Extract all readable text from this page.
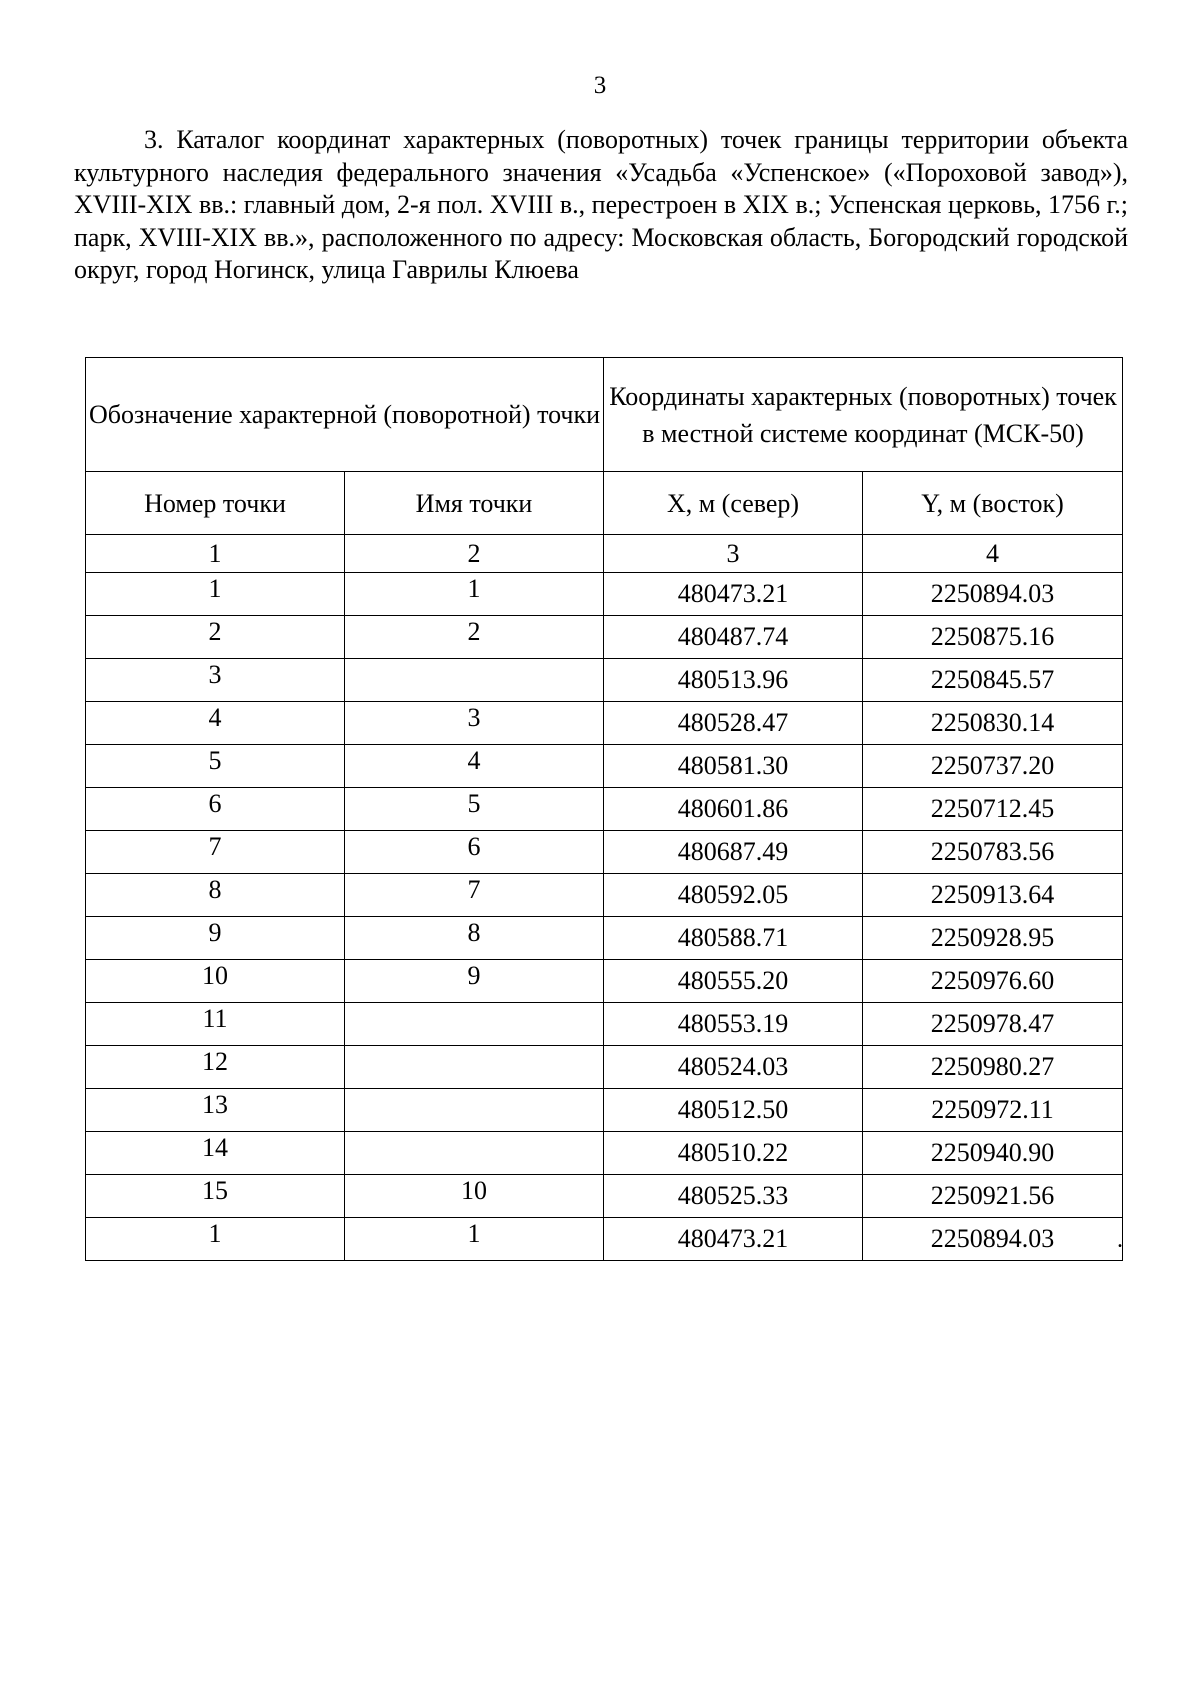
3

3. Каталог координат характерных (поворотных) точек границы территории объекта культурного наследия федерального значения «Усадьба «Успенское» («Пороховой завод»), XVIII-XIX вв.: главный дом, 2-я пол. XVIII в., перестроен в XIX в.; Успенская церковь, 1756 г.; парк, XVIII-XIX вв.», расположенного по адресу: Московская область, Богородский городской округ, город Ногинск, улица Гаврилы Клюева

Обозначение характерной (поворотной) точки		Координаты характерных (поворотных) точек в местной системе координат (МСК-50)	
Номер точки	Имя точки	X, м (север)	Y, м (восток)
1	2	3	4
1	1	480473.21	2250894.03
2	2	480487.74	2250875.16
3		480513.96	2250845.57
4	3	480528.47	2250830.14
5	4	480581.30	2250737.20
6	5	480601.86	2250712.45
7	6	480687.49	2250783.56
8	7	480592.05	2250913.64
9	8	480588.71	2250928.95
10	9	480555.20	2250976.60
11		480553.19	2250978.47
12		480524.03	2250980.27
13		480512.50	2250972.11
14		480510.22	2250940.90
15	10	480525.33	2250921.56
1	1	480473.21	2250894.03	.
